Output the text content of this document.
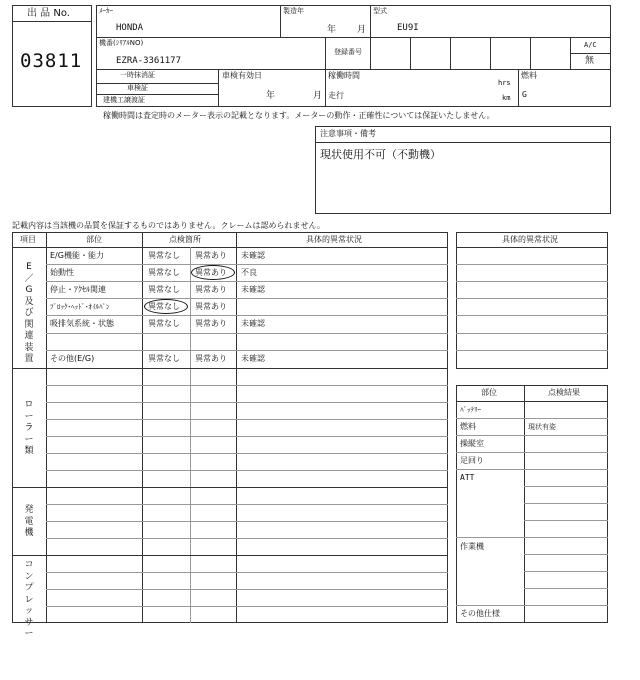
出 品 No.
03811
ﾒｰｶｰ
HONDA
製造年
年 月
型式
EU9I
機番(ｼﾘｱﾙNO)
EZRA-3361177
登録番号
A/C
無
一時抹消証
車検証
建機工譲渡証
車検有効日
年	月
稼働時間
hrs
走行	km
燃料
G
稼働時間は査定時のメーター表示の記載となります。メーターの動作・正確性については保証いたしません。
注意事項・備考
現状使用不可（不動機）
記載内容は当該機の品質を保証するものではありません。クレームは認められません。
項目	部位	点検箇所	具体的異常状況
E／G及び関連装置
ローラー類
発電機
コンプレッサー
E/G機能・能力	異常なし 異常あり 未確認
始動性	異常なし 異常あり 不良
停止・ｱｸｾﾙ関連	異常なし 異常あり 未確認
ﾌﾞﾛｯｸ･ﾍｯﾄﾞ･ｵｲﾙﾊﾟﾝ	異常なし 異常あり
吸排気系統・状態	異常なし 異常あり 未確認
その他(E/G)	異常なし 異常あり 未確認
具体的異常状況
部位	点検結果
ﾊﾞｯﾃﾘｰ
燃料	現状有姿
操縦室
足回り
ATT
作業機
その他仕様
